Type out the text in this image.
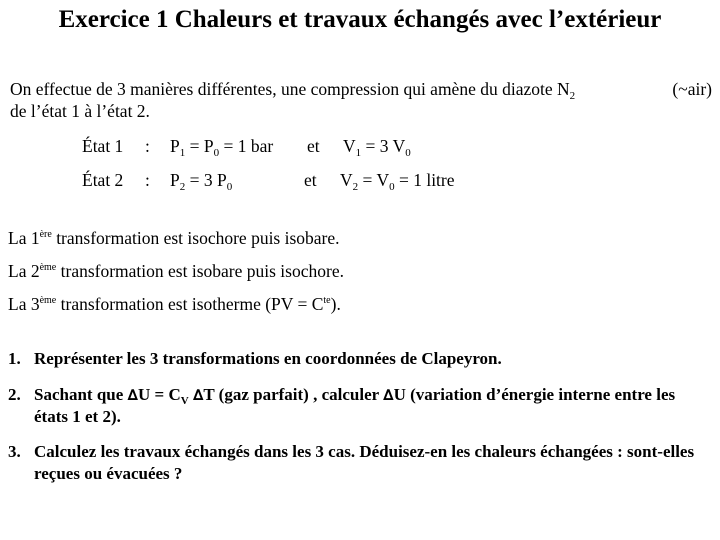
Exercice 1 Chaleurs et travaux échangés avec l’extérieur
On effectue de 3 manières différentes, une compression qui amène du diazote $N_2$	(~air)
de l’état 1 à l’état 2.
État 1 : $P_1 = P_0 = 1$ bar et $V_1 = 3$ $V_0$
État 2 : $P_2 = 3$ $P_0$	et $V_2 = V_0 = 1$ litre
La 1ère transformation est isochore puis isobare.
La 2ème transformation est isobare puis isochore.
La 3ème transformation est isotherme $(PV = C^{te})$.
1. Représenter les 3 transformations en coordonnées de Clapeyron.
2. Sachant que $\Delta U = C_V$ ∆T (gaz parfait) , calculer ∆U (variation d’énergie interne entre les états 1 et 2).
3. Calculez les travaux échangés dans les 3 cas. Déduisez-en les chaleurs échangées : sont-elles reçues ou évacuées ?
